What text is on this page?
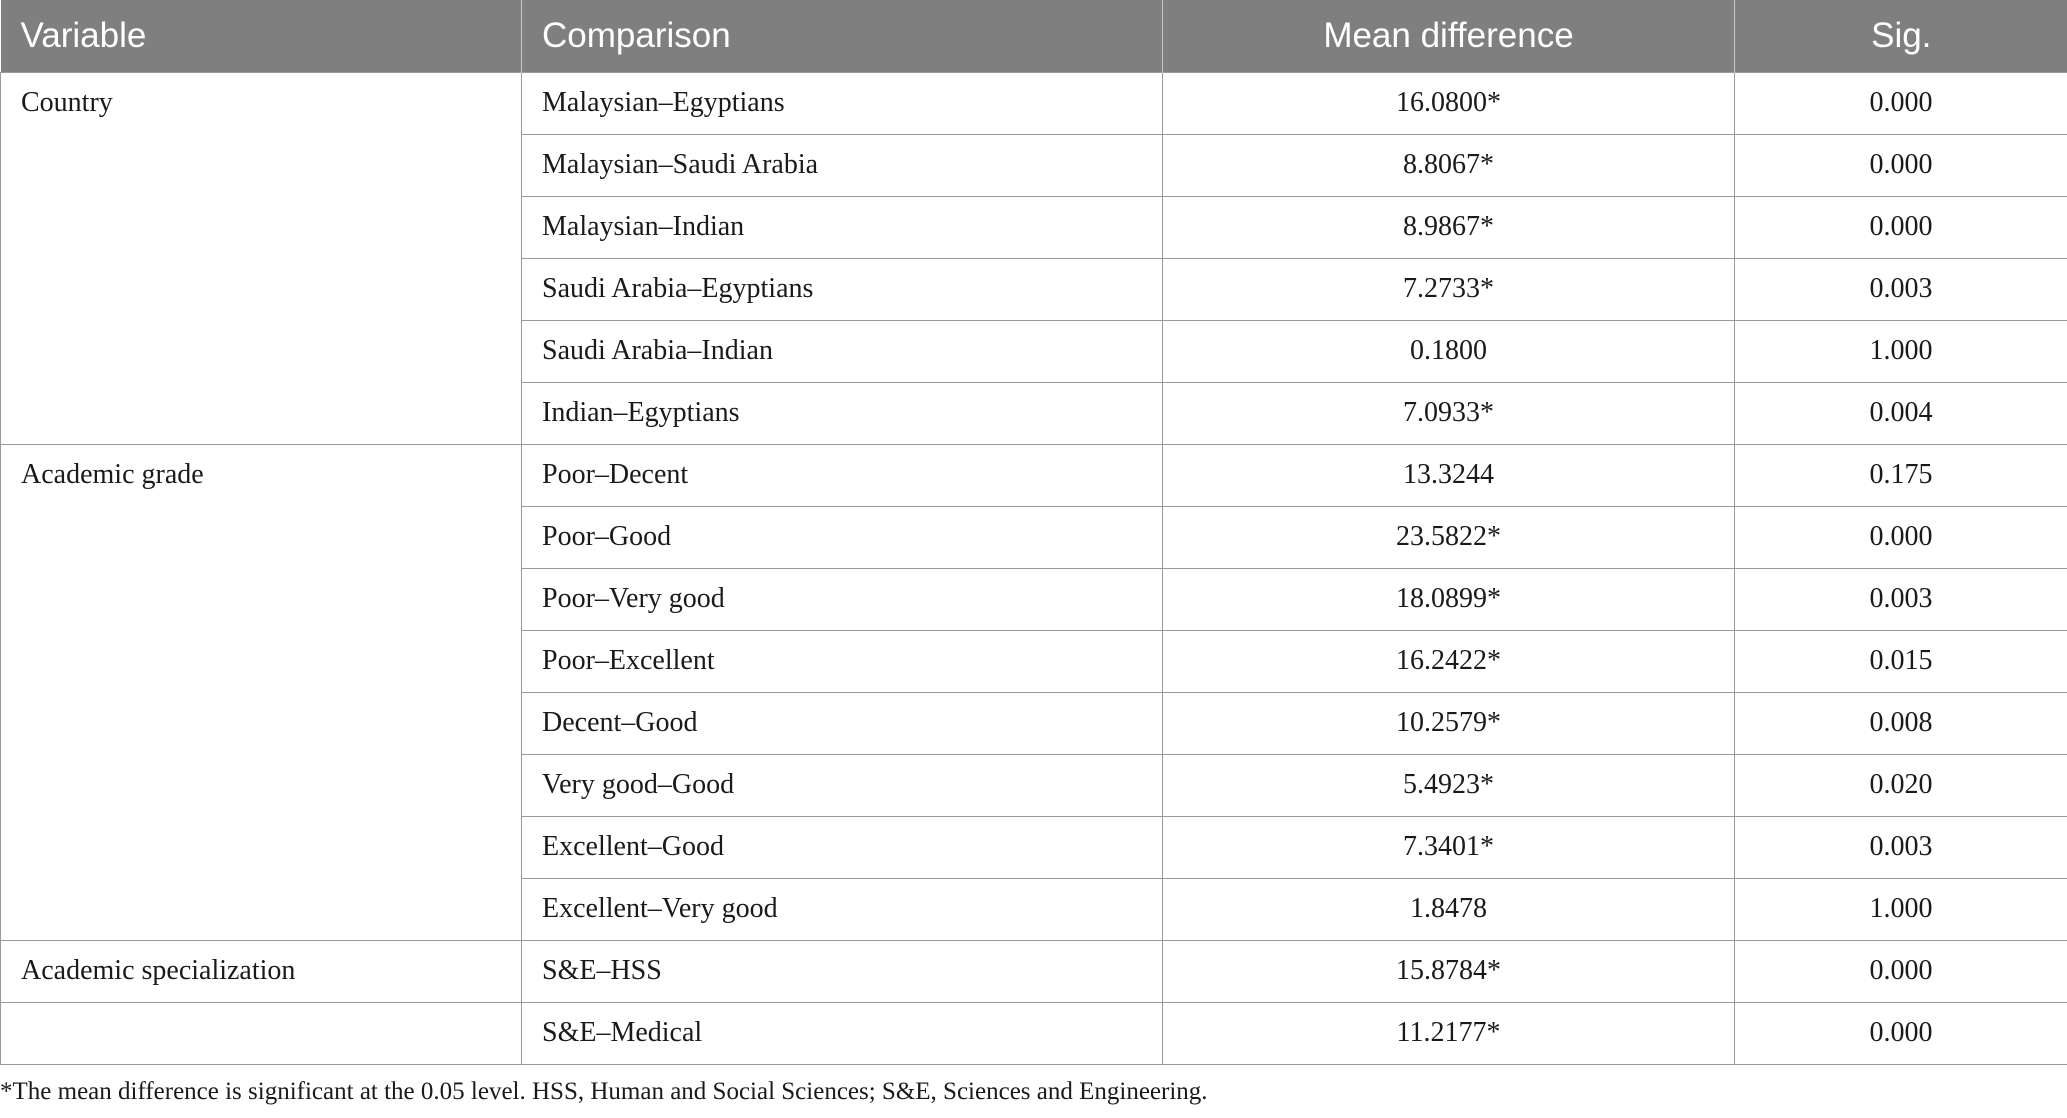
Variable	Comparison	Mean difference	Sig.
Country	Malaysian–Egyptians	16.0800*	0.000
	Malaysian–Saudi Arabia	8.8067*	0.000
	Malaysian–Indian	8.9867*	0.000
	Saudi Arabia–Egyptians	7.2733*	0.003
	Saudi Arabia–Indian	0.1800	1.000
	Indian–Egyptians	7.0933*	0.004
Academic grade	Poor–Decent	13.3244	0.175
	Poor–Good	23.5822*	0.000
	Poor–Very good	18.0899*	0.003
	Poor–Excellent	16.2422*	0.015
	Decent–Good	10.2579*	0.008
	Very good–Good	5.4923*	0.020
	Excellent–Good	7.3401*	0.003
	Excellent–Very good	1.8478	1.000
Academic specialization	S&E–HSS	15.8784*	0.000
	S&E–Medical	11.2177*	0.000
*The mean difference is significant at the 0.05 level. HSS, Human and Social Sciences; S&E, Sciences and Engineering.
